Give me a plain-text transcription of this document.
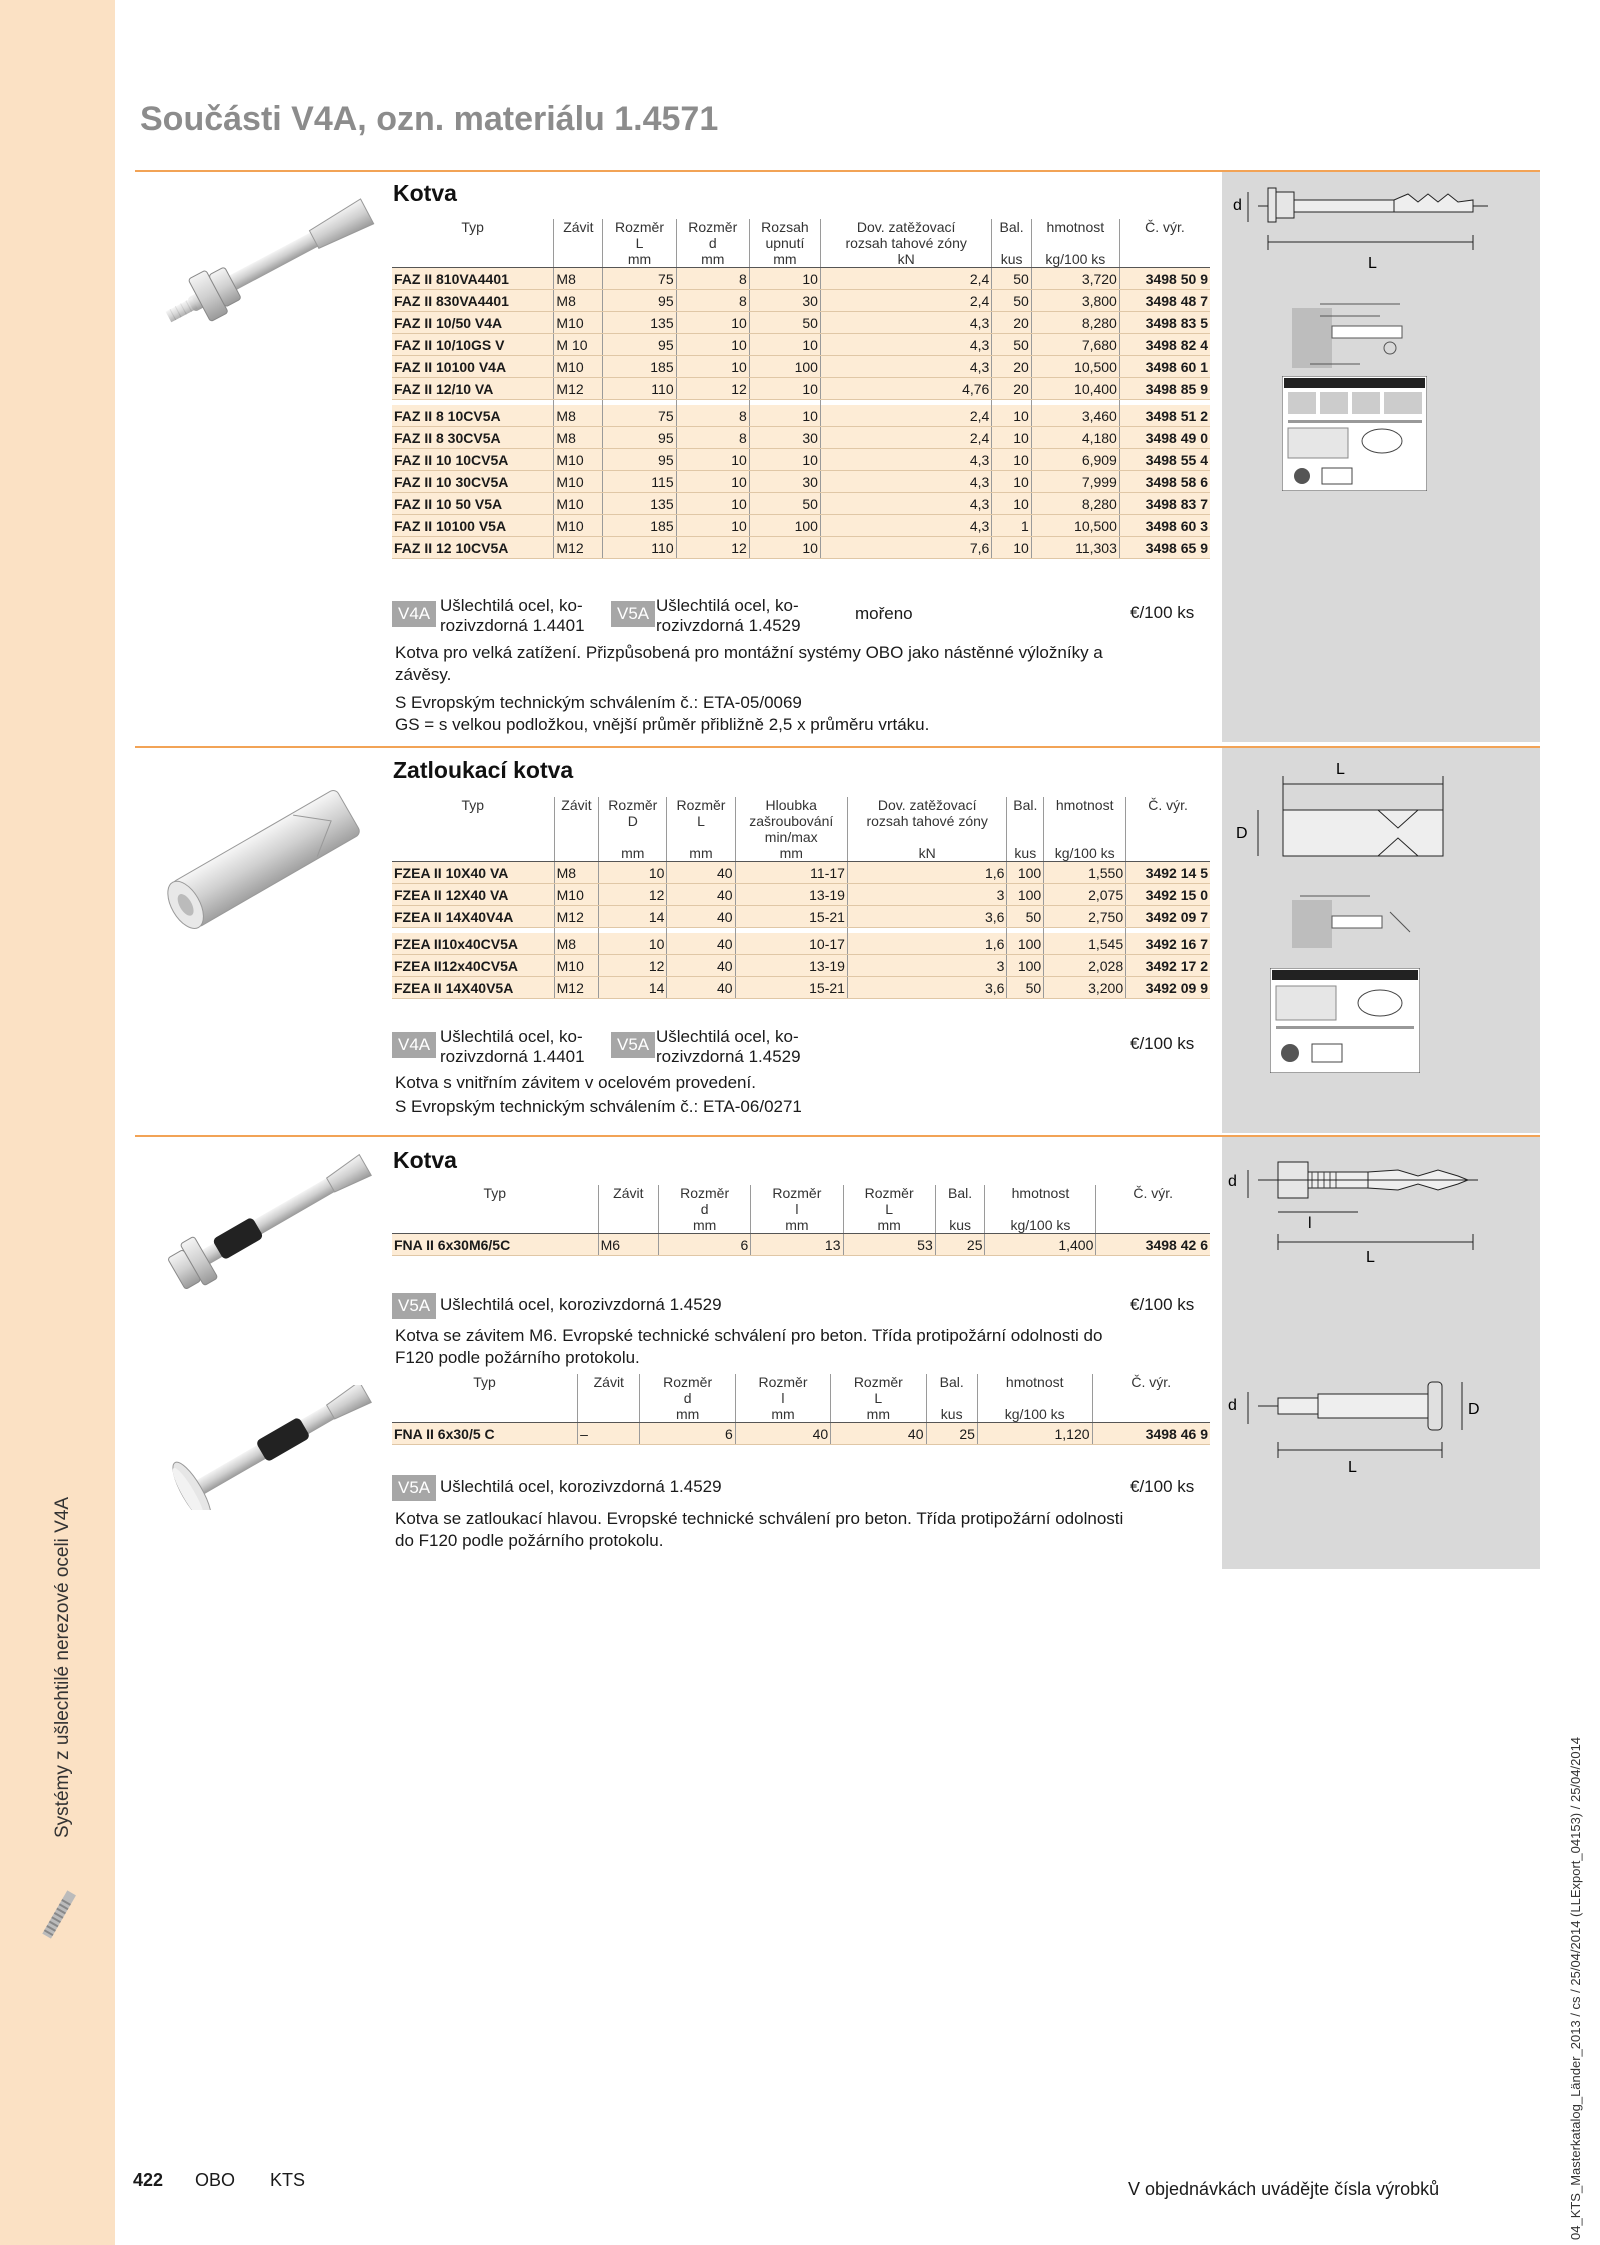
Systémy z ušlechtilé nerezové oceli V4A
04_KTS_Masterkatalog_Länder_2013 / cs / 25/04/2014 (LLExport_04153) / 25/04/2014
Součásti V4A, ozn. materiálu 1.4571
d
L
Kotva
Typ	Závit	Rozměr	Rozměr	Rozsah	Dov. zatěžovací	Bal.	hmotnost	Č. výr.
		L	d	upnutí	rozsah tahové zóny			
		mm	mm	mm	kN	kus	kg/100 ks	
FAZ II 810VA4401	M8	75	8	10	2,4	50	3,720	3498 50 9
FAZ II 830VA4401	M8	95	8	30	2,4	50	3,800	3498 48 7
FAZ II 10/50 V4A	M10	135	10	50	4,3	20	8,280	3498 83 5
FAZ II 10/10GS V	M 10	95	10	10	4,3	50	7,680	3498 82 4
FAZ II 10100 V4A	M10	185	10	100	4,3	20	10,500	3498 60 1
FAZ II 12/10 VA	M12	110	12	10	4,76	20	10,400	3498 85 9

FAZ II 8 10CV5A	M8	75	8	10	2,4	10	3,460	3498 51 2
FAZ II 8 30CV5A	M8	95	8	30	2,4	10	4,180	3498 49 0
FAZ II 10 10CV5A	M10	95	10	10	4,3	10	6,909	3498 55 4
FAZ II 10 30CV5A	M10	115	10	30	4,3	10	7,999	3498 58 6
FAZ II 10 50 V5A	M10	135	10	50	4,3	10	8,280	3498 83 7
FAZ II 10100 V5A	M10	185	10	100	4,3	1	10,500	3498 60 3
FAZ II 12 10CV5A	M12	110	12	10	7,6	10	11,303	3498 65 9
V4A Ušlechtilá ocel, ko-
rozivzdorná 1.4401
V5A Ušlechtilá ocel, ko-
rozivzdorná 1.4529
mořeno	€/100 ks
Kotva pro velká zatížení. Přizpůsobená pro montážní systémy OBO jako nástěnné výložníky a
závěsy.
S Evropským technickým schválením č.: ETA-05/0069
GS = s velkou podložkou, vnější průměr přibližně 2,5 x průměru vrtáku.
L
D
Zatloukací kotva
Typ	Závit	Rozměr	Rozměr	Hloubka	Dov. zatěžovací	Bal.	hmotnost	Č. výr.
		D	L	zašroubování	rozsah tahové zóny			
				min/max				
		mm	mm	mm	kN	kus	kg/100 ks	
FZEA II 10X40 VA	M8	10	40	11-17	1,6	100	1,550	3492 14 5
FZEA II 12X40 VA	M10	12	40	13-19	3	100	2,075	3492 15 0
FZEA II 14X40V4A	M12	14	40	15-21	3,6	50	2,750	3492 09 7

FZEA II10x40CV5A	M8	10	40	10-17	1,6	100	1,545	3492 16 7
FZEA II12x40CV5A	M10	12	40	13-19	3	100	2,028	3492 17 2
FZEA II 14X40V5A	M12	14	40	15-21	3,6	50	3,200	3492 09 9
V4A Ušlechtilá ocel, ko-
rozivzdorná 1.4401
V5A Ušlechtilá ocel, ko-
rozivzdorná 1.4529
€/100 ks
Kotva s vnitřním závitem v ocelovém provedení.
S Evropským technickým schválením č.: ETA-06/0271
d
l
L
d	D
L
Kotva
Typ	Závit	Rozměr	Rozměr	Rozměr	Bal.	hmotnost	Č. výr.
		d	l	L			
		mm	mm	mm	kus	kg/100 ks	
FNA II 6x30M6/5C	M6	6	13	53	25	1,400	3498 42 6
V5A Ušlechtilá ocel, korozivzdorná 1.4529	€/100 ks
Kotva se závitem M6. Evropské technické schválení pro beton. Třída protipožární odolnosti do
F120 podle požárního protokolu.
Typ	Závit	Rozměr	Rozměr	Rozměr	Bal.	hmotnost	Č. výr.
		d	l	L			
		mm	mm	mm	kus	kg/100 ks	
FNA II 6x30/5 C	–	6	40	40	25	1,120	3498 46 9
V5A Ušlechtilá ocel, korozivzdorná 1.4529	€/100 ks
Kotva se zatloukací hlavou. Evropské technické schválení pro beton. Třída protipožární odolnosti
do F120 podle požárního protokolu.
422 OBO KTS	V objednávkách uvádějte čísla výrobků
